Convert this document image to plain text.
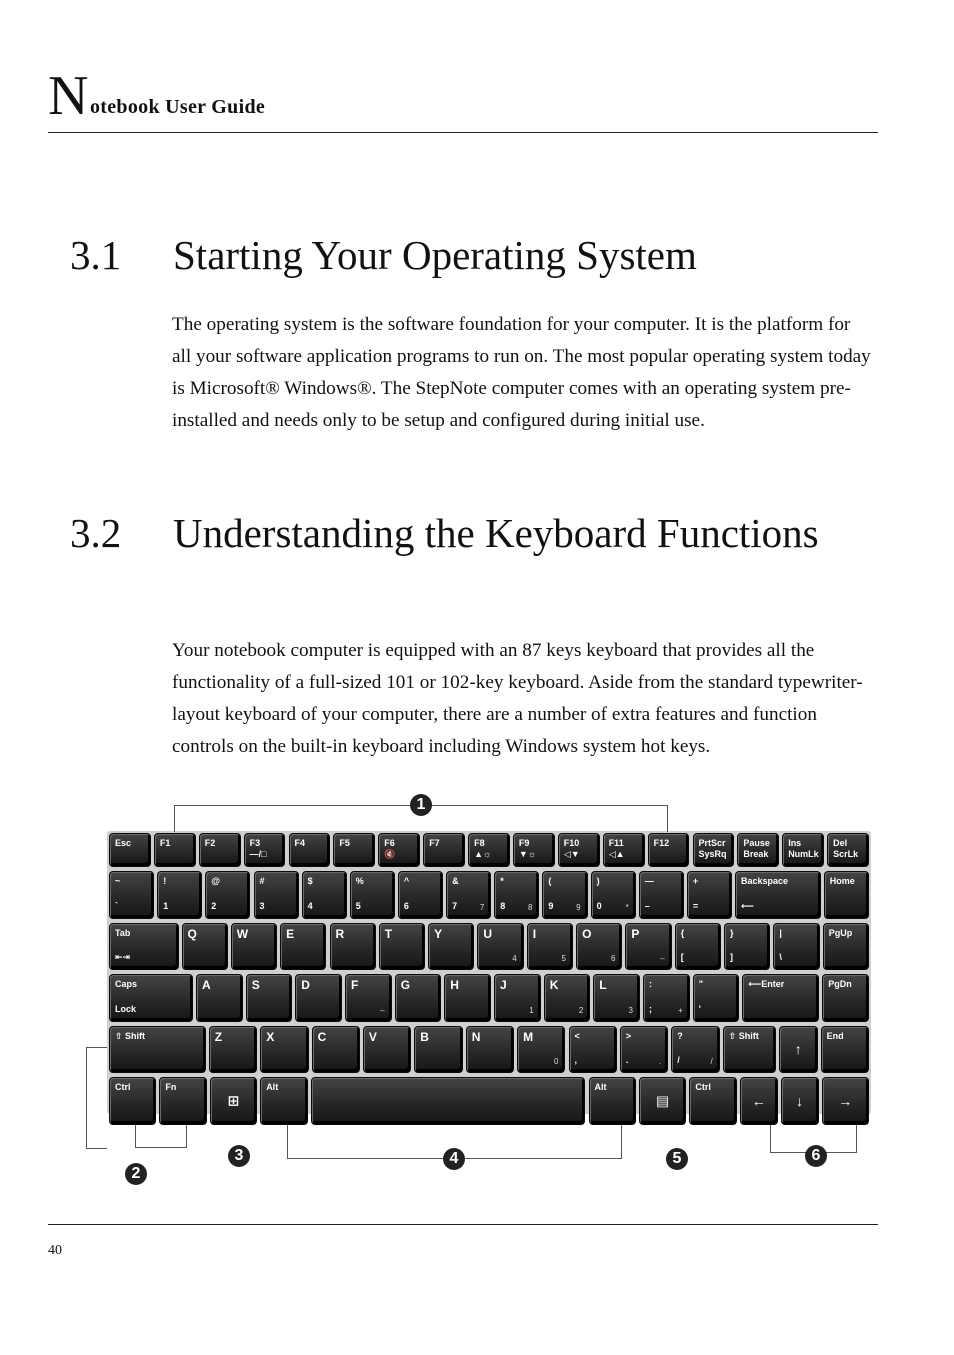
N otebook User Guide
3.1 Starting Your Operating System

The operating system is the software foundation for your computer. It is the platform for all your software application programs to run on. The most popular operating system today is Microsoft® Windows®. The StepNote computer comes with an operating system pre-installed and needs only to be setup and configured during initial use.

3.2 Understanding the Keyboard Functions

Your notebook computer is equipped with an 87 keys keyboard that provides all the functionality of a full-sized 101 or 102-key keyboard. Aside from the standard typewriter-layout keyboard of your computer, there are a number of extra features and function controls on the built-in keyboard including Windows system hot keys.

1
2
3	4	5	6
Esc	F1	F2	F3
—/□
F4	F5	F6
🔇
F7	F8
▲☼
F9
▼☼
F10
◁▼
F11
◁▲
F12	PrtScr
SysRq
Pause
Break
Ins
NumLk
Del
ScrLk
~
`
!
1
@
2
#
3
$
4
%
5
^
6
&
7	7
*
8	8
(
9	9
)
0	*
—
–
+
=
Backspace
⟵
Home
Tab
⇤⇥
Q	W	E	R	T	Y	U
4
I
5
O
6
P
–
{
[
}
]
|
\
PgUp
Caps
Lock
A	S	D	F
–
G	H	J
1
K
2
L
3
:
;	+
"
'
⟵Enter	PgDn
⇧ Shift	Z	X	C	V	B	N	M
0
<
,
>
.	.
?
/	/
⇧ Shift
↑
End
Ctrl	Fn
⊞
Alt	Alt
▤
Ctrl
←	↓	→
40
